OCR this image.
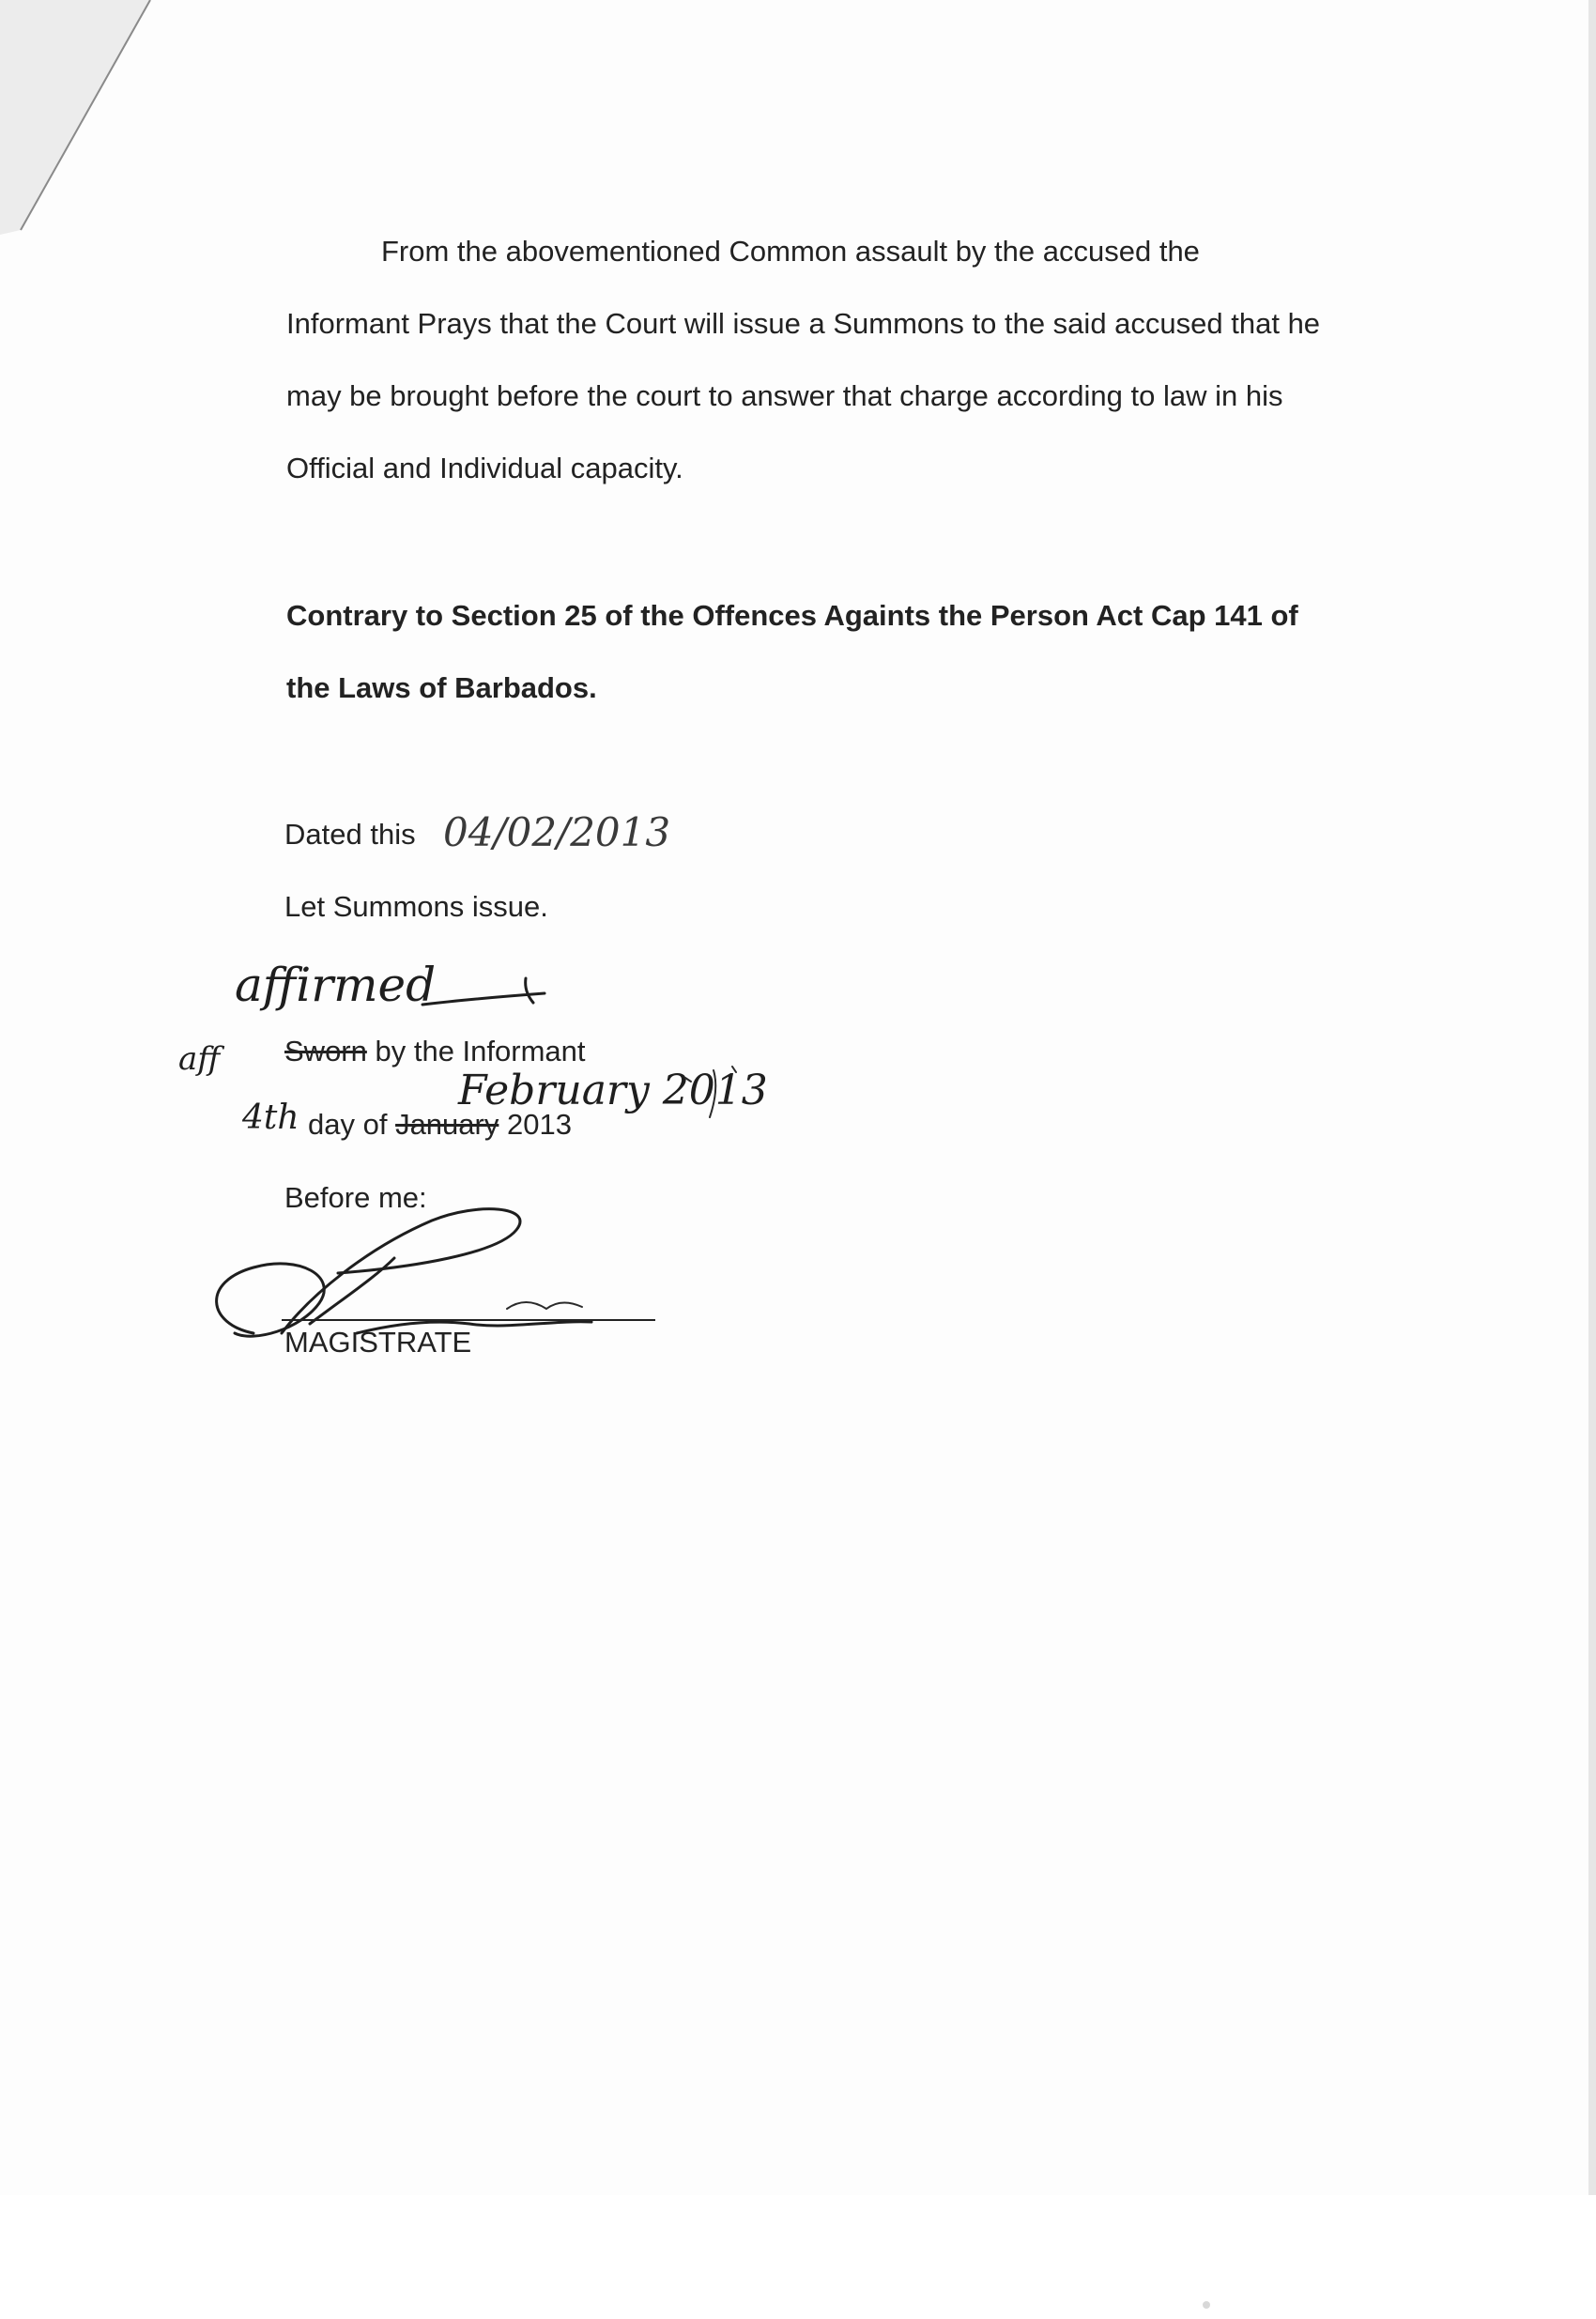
From the abovementioned Common assault by the accused the
Informant Prays that the Court will issue a Summons to the said accused that he
may be brought before the court to answer that charge according to law in his
Official and Individual capacity.
Contrary to Section 25 of the Offences Againts the Person Act Cap 141 of
the Laws of Barbados.
Dated this 04/02/2013
Let Summons issue.
affirmed
aff Sworn by the Informant
4th day of January 2013
February 2013
Before me:
MAGISTRATE
